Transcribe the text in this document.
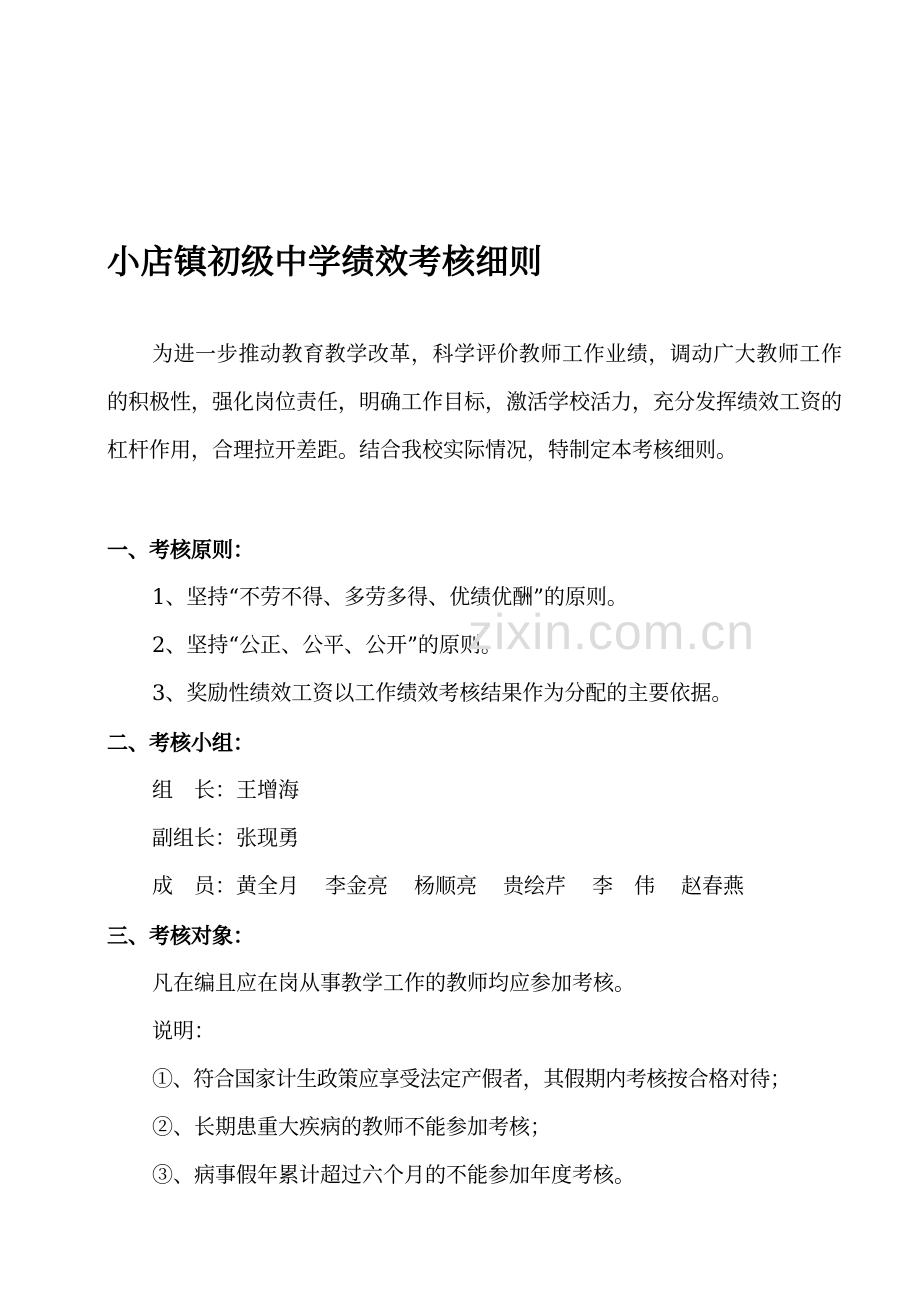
小店镇初级中学绩效考核细则

为进一步推动教育教学改革，科学评价教师工作业绩，调动广大教师工作的积极性，强化岗位责任，明确工作目标，激活学校活力，充分发挥绩效工资的杠杆作用，合理拉开差距。结合我校实际情况，特制定本考核细则。

一、考核原则：
1、坚持“不劳不得、多劳多得、优绩优酬”的原则。
2、坚持“公正、公平、公开”的原则。
3、奖励性绩效工资以工作绩效考核结果作为分配的主要依据。
二、考核小组：
组　长：王增海
副组长：张现勇
成　员：黄全月 李金亮 杨顺亮 贵绘芹 李　伟 赵春燕
三、考核对象：
凡在编且应在岗从事教学工作的教师均应参加考核。
说明：
①、符合国家计生政策应享受法定产假者，其假期内考核按合格对待；
②、长期患重大疾病的教师不能参加考核；
③、病事假年累计超过六个月的不能参加年度考核。
zixin.com.cn
